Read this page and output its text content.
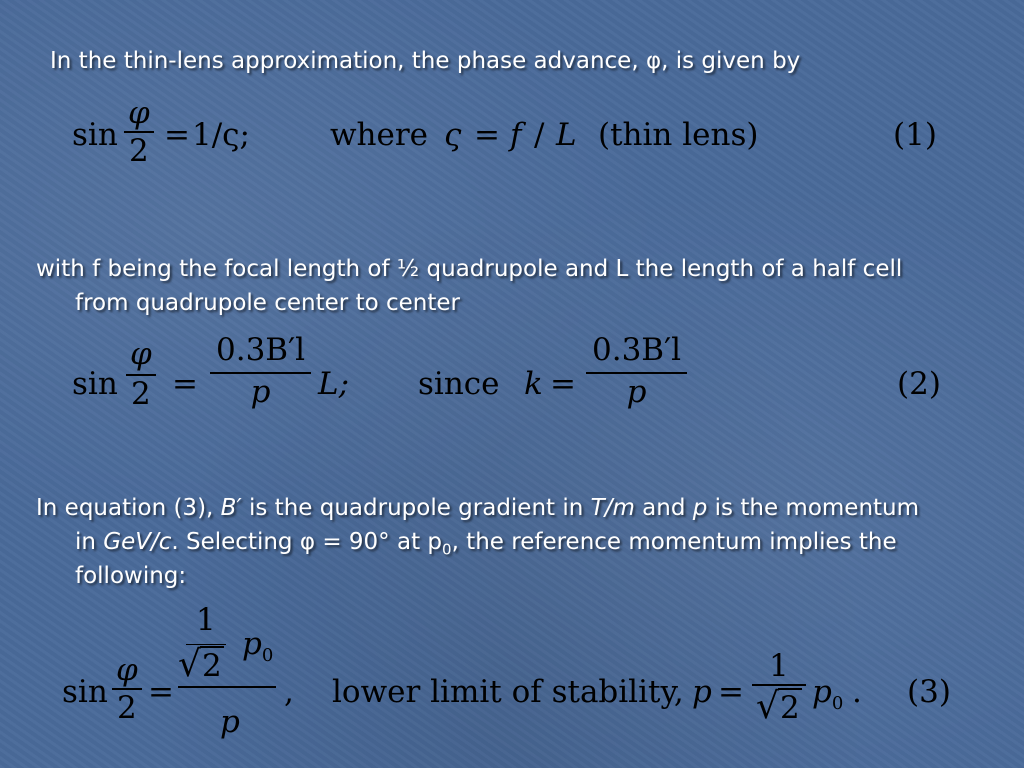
In the thin-lens approximation, the phase advance, φ, is given by
$\sin \frac{\varphi}{2} = 1/\varsigma$;	where ς = f / L (thin lens)	(1)
with f being the focal length of ½ quadrupole and L the length of a half cell
from quadrupole center to center
$\sin \frac{\varphi}{2} = \frac{0.3B'l}{p} L$; since $k = \frac{0.3B'l}{p}$	(2)
In equation (3), B′ is the quadrupole gradient in T/m and p is the momentum
in GeV/c. Selecting φ = 90° at $p_0$, the reference momentum implies the
following:
$\sin \frac{\varphi}{2}$ =
1
√ 2
$p_0$
p
, lower limit of stability, $p = \frac{1}{√ 2} p_0$ . (3)
